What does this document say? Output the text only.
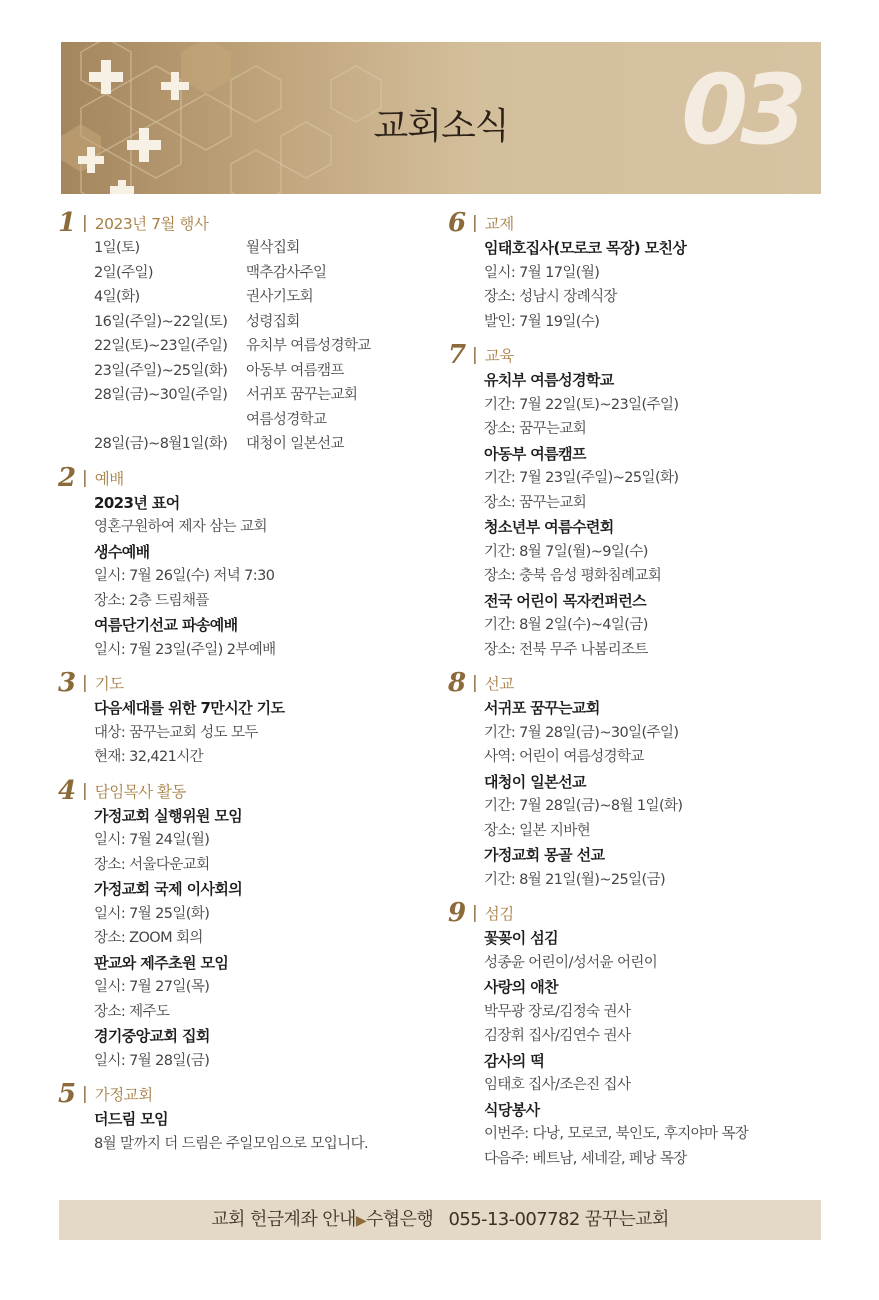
교회소식	03
1 | 2023년 7월 행사
1일(토)	월삭집회
2일(주일)	맥추감사주일
4일(화)	권사기도회
16일(주일)~22일(토)	성령집회
22일(토)~23일(주일)	유치부 여름성경학교
23일(주일)~25일(화)	아동부 여름캠프
28일(금)~30일(주일)	서귀포 꿈꾸는교회
여름성경학교
28일(금)~8월1일(화)	대청이 일본선교
2 | 예배
2023년 표어
영혼구원하여 제자 삼는 교회
생수예배
일시: 7월 26일(수) 저녁 7:30
장소: 2층 드림채플
여름단기선교 파송예배
일시: 7월 23일(주일) 2부예배
3 | 기도
다음세대를 위한 7만시간 기도
대상: 꿈꾸는교회 성도 모두
현재: 32,421시간
4 | 담임목사 활동
가정교회 실행위원 모임
일시: 7월 24일(월)
장소: 서울다운교회
가정교회 국제 이사회의
일시: 7월 25일(화)
장소: ZOOM 회의
판교와 제주초원 모임
일시: 7월 27일(목)
장소: 제주도
경기중앙교회 집회
일시: 7월 28일(금)
5 | 가정교회
더드림 모임
8월 말까지 더 드림은 주일모임으로 모입니다.
6 | 교제
임태호집사(모로코 목장) 모친상
일시: 7월 17일(월)
장소: 성남시 장례식장
발인: 7월 19일(수)
7 | 교육
유치부 여름성경학교
기간: 7월 22일(토)~23일(주일)
장소: 꿈꾸는교회
아동부 여름캠프
기간: 7월 23일(주일)~25일(화)
장소: 꿈꾸는교회
청소년부 여름수련회
기간: 8월 7일(월)~9일(수)
장소: 충북 음성 평화침례교회
전국 어린이 목자컨퍼런스
기간: 8월 2일(수)~4일(금)
장소: 전북 무주 나봄리조트
8 | 선교
서귀포 꿈꾸는교회
기간: 7월 28일(금)~30일(주일)
사역: 어린이 여름성경학교
대청이 일본선교
기간: 7월 28일(금)~8월 1일(화)
장소: 일본 지바현
가정교회 몽골 선교
기간: 8월 21일(월)~25일(금)
9 | 섬김
꽃꽂이 섬김
성종윤 어린이/성서윤 어린이
사랑의 애찬
박무광 장로/김정숙 권사
김장휘 집사/김연수 권사
감사의 떡
임태호 집사/조은진 집사
식당봉사
이번주: 다낭, 모로코, 북인도, 후지야마 목장
다음주: 베트남, 세네갈, 페낭 목장
교회 헌금계좌 안내▶수협은행   055-13-007782 꿈꾸는교회
